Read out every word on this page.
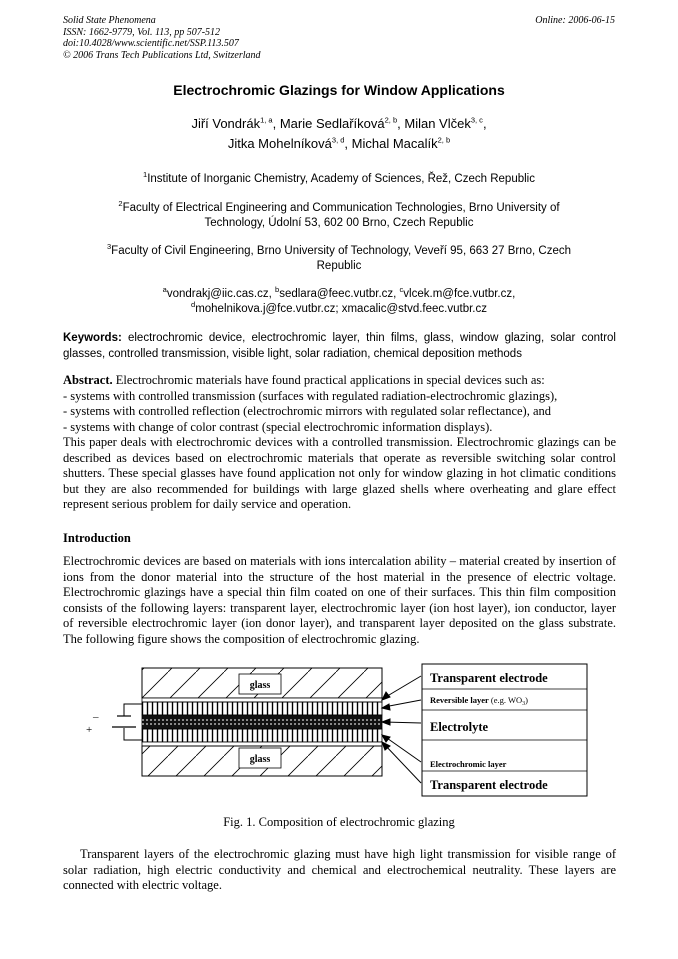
Solid State Phenomena
ISSN: 1662-9779, Vol. 113, pp 507-512
doi:10.4028/www.scientific.net/SSP.113.507
© 2006 Trans Tech Publications Ltd, Switzerland
Online: 2006-06-15
Electrochromic Glazings for Window Applications
Jiří Vondrák$^{1, a}$, Marie Sedlaříková$^{2, b}$, Milan Vlček$^{3, c}$,
Jitka Mohelníková$^{3, d}$, Michal Macalík$^{2, b}$
$^1$Institute of Inorganic Chemistry, Academy of Sciences, Řež, Czech Republic
$^2$Faculty of Electrical Engineering and Communication Technologies, Brno University of
Technology, Údolní 53, 602 00 Brno, Czech Republic
$^3$Faculty of Civil Engineering, Brno University of Technology, Veveří 95, 663 27 Brno, Czech
Republic
$^a$vondrakj@iic.cas.cz, $^b$sedlara@feec.vutbr.cz, $^c$vlcek.m@fce.vutbr.cz,
$^d$mohelnikova.j@fce.vutbr.cz; xmacalic@stvd.feec.vutbr.cz
Keywords: electrochromic device, electrochromic layer, thin films, glass, window glazing, solar control glasses, controlled transmission, visible light, solar radiation, chemical deposition methods
Abstract. Electrochromic materials have found practical applications in special devices such as:
- systems with controlled transmission (surfaces with regulated radiation-electrochromic glazings),
- systems with controlled reflection (electrochromic mirrors with regulated solar reflectance), and
- systems with change of color contrast (special electrochromic information displays).
This paper deals with electrochromic devices with a controlled transmission. Electrochromic glazings can be described as devices based on electrochromic materials that operate as reversible switching solar control shutters. These special glasses have found application not only for window glazing in hot climatic conditions but they are also recommended for buildings with large glazed shells where overheating and glare effect represent serious problem for daily service and operation.
Introduction
Electrochromic devices are based on materials with ions intercalation ability – material created by insertion of ions from the donor material into the structure of the host material in the presence of electric voltage. Electrochromic glazings have a special thin film coated on one of their surfaces. This thin film composition consists of the following layers: transparent layer, electrochromic layer (ion host layer), ion conductor, layer of reversible electrochromic layer (ion donor layer), and transparent layer deposited on the glass substrate. The following figure shows the composition of electrochromic glazing.
glass
glass
–
+
Transparent electrode
Reversible layer (e.g. $WO_3$)
Electrolyte
Electrochromic layer
Transparent electrode
Fig. 1. Composition of electrochromic glazing
Transparent layers of the electrochromic glazing must have high light transmission for visible range of solar radiation, high electric conductivity and chemical and electrochemical neutrality. These layers are connected with electric voltage.
